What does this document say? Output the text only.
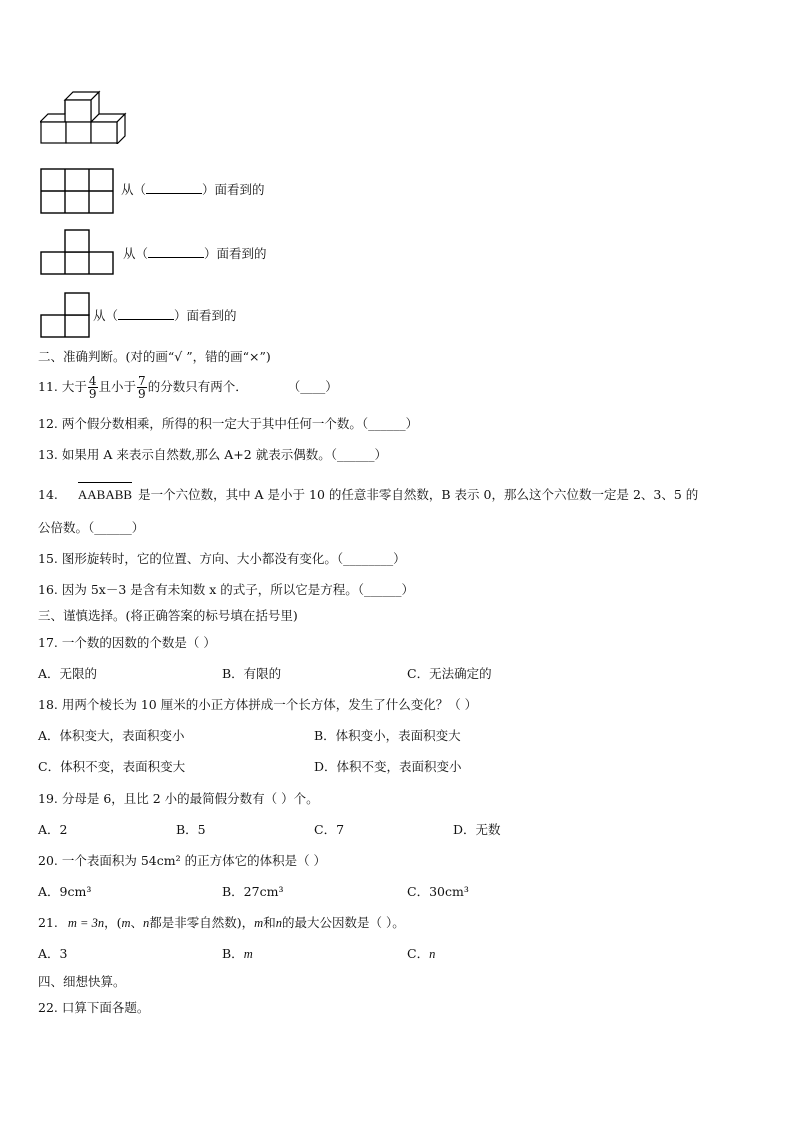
从（	）面看到的
从（	）面看到的
从（	）面看到的
二、准确判断。(对的画“√ ”，错的画“×”)
11. 大于 $\frac{4}{9}$ 且小于 $\frac{7}{9}$ 的分数只有两个．	（____）
12. 两个假分数相乘，所得的积一定大于其中任何一个数。（______）
13. 如果用 A 来表示自然数,那么 A+2 就表示偶数。（______）
14. AABABB 是一个六位数，其中 A 是小于 10 的任意非零自然数，B 表示 0，那么这个六位数一定是 2、3、5 的
公倍数。（______）
15. 图形旋转时，它的位置、方向、大小都没有变化。（________）
16. 因为 5x－3 是含有未知数 x 的式子，所以它是方程。（______）
三、谨慎选择。(将正确答案的标号填在括号里)
17. 一个数的因数的个数是（ ）
A．无限的	B．有限的	C．无法确定的
18. 用两个棱长为 10 厘米的小正方体拼成一个长方体，发生了什么变化？（ ）
A．体积变大，表面积变小	B．体积变小，表面积变大
C．体积不变，表面积变大	D．体积不变，表面积变小
19. 分母是 6，且比 2 小的最简假分数有（ ）个。
A．2	B．5	C．7	D．无数
20. 一个表面积为 54cm² 的正方体它的体积是（ ）
A．9cm³	B．27cm³	C．30cm³
21. m = 3n，(m、n都是非零自然数)，m和n的最大公因数是（ ）。
A．3	B．m	C．n
四、细想快算。
22. 口算下面各题。
